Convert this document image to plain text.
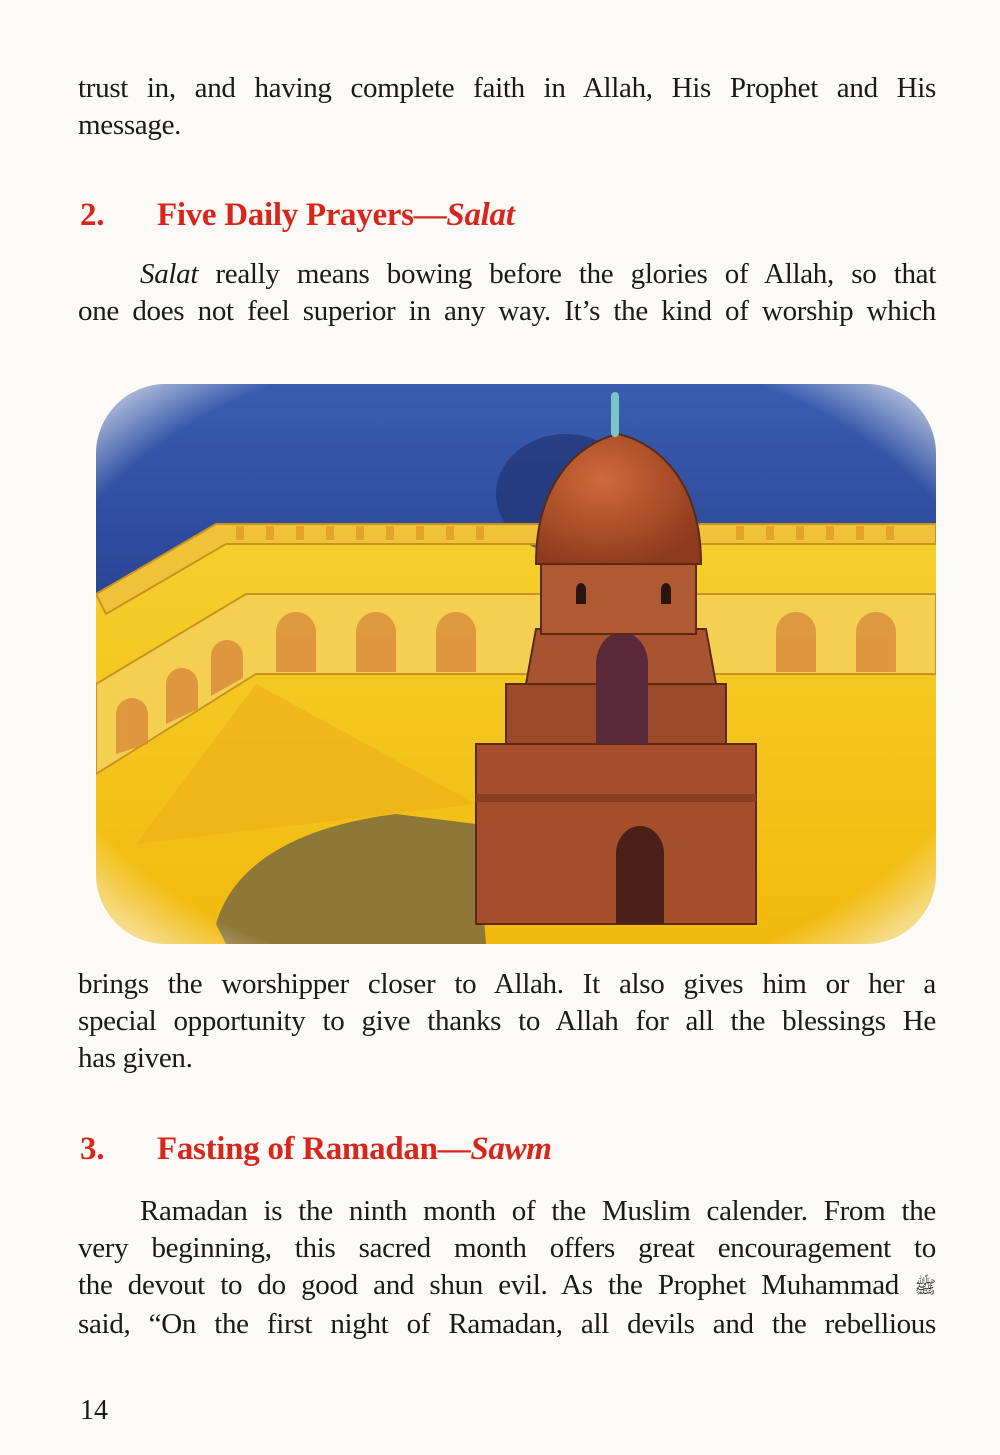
trust in, and having complete faith in Allah, His Prophet and His
message.
2. Five Daily Prayers—Salat
Salat really means bowing before the glories of Allah, so that
one does not feel superior in any way. It’s the kind of worship which
brings the worshipper closer to Allah. It also gives him or her a
special opportunity to give thanks to Allah for all the blessings He
has given.
3. Fasting of Ramadan—Sawm
Ramadan is the ninth month of the Muslim calender. From the
very beginning, this sacred month offers great encouragement to
the devout to do good and shun evil. As the Prophet Muhammad ﷺ
said, “On the first night of Ramadan, all devils and the rebellious
14
